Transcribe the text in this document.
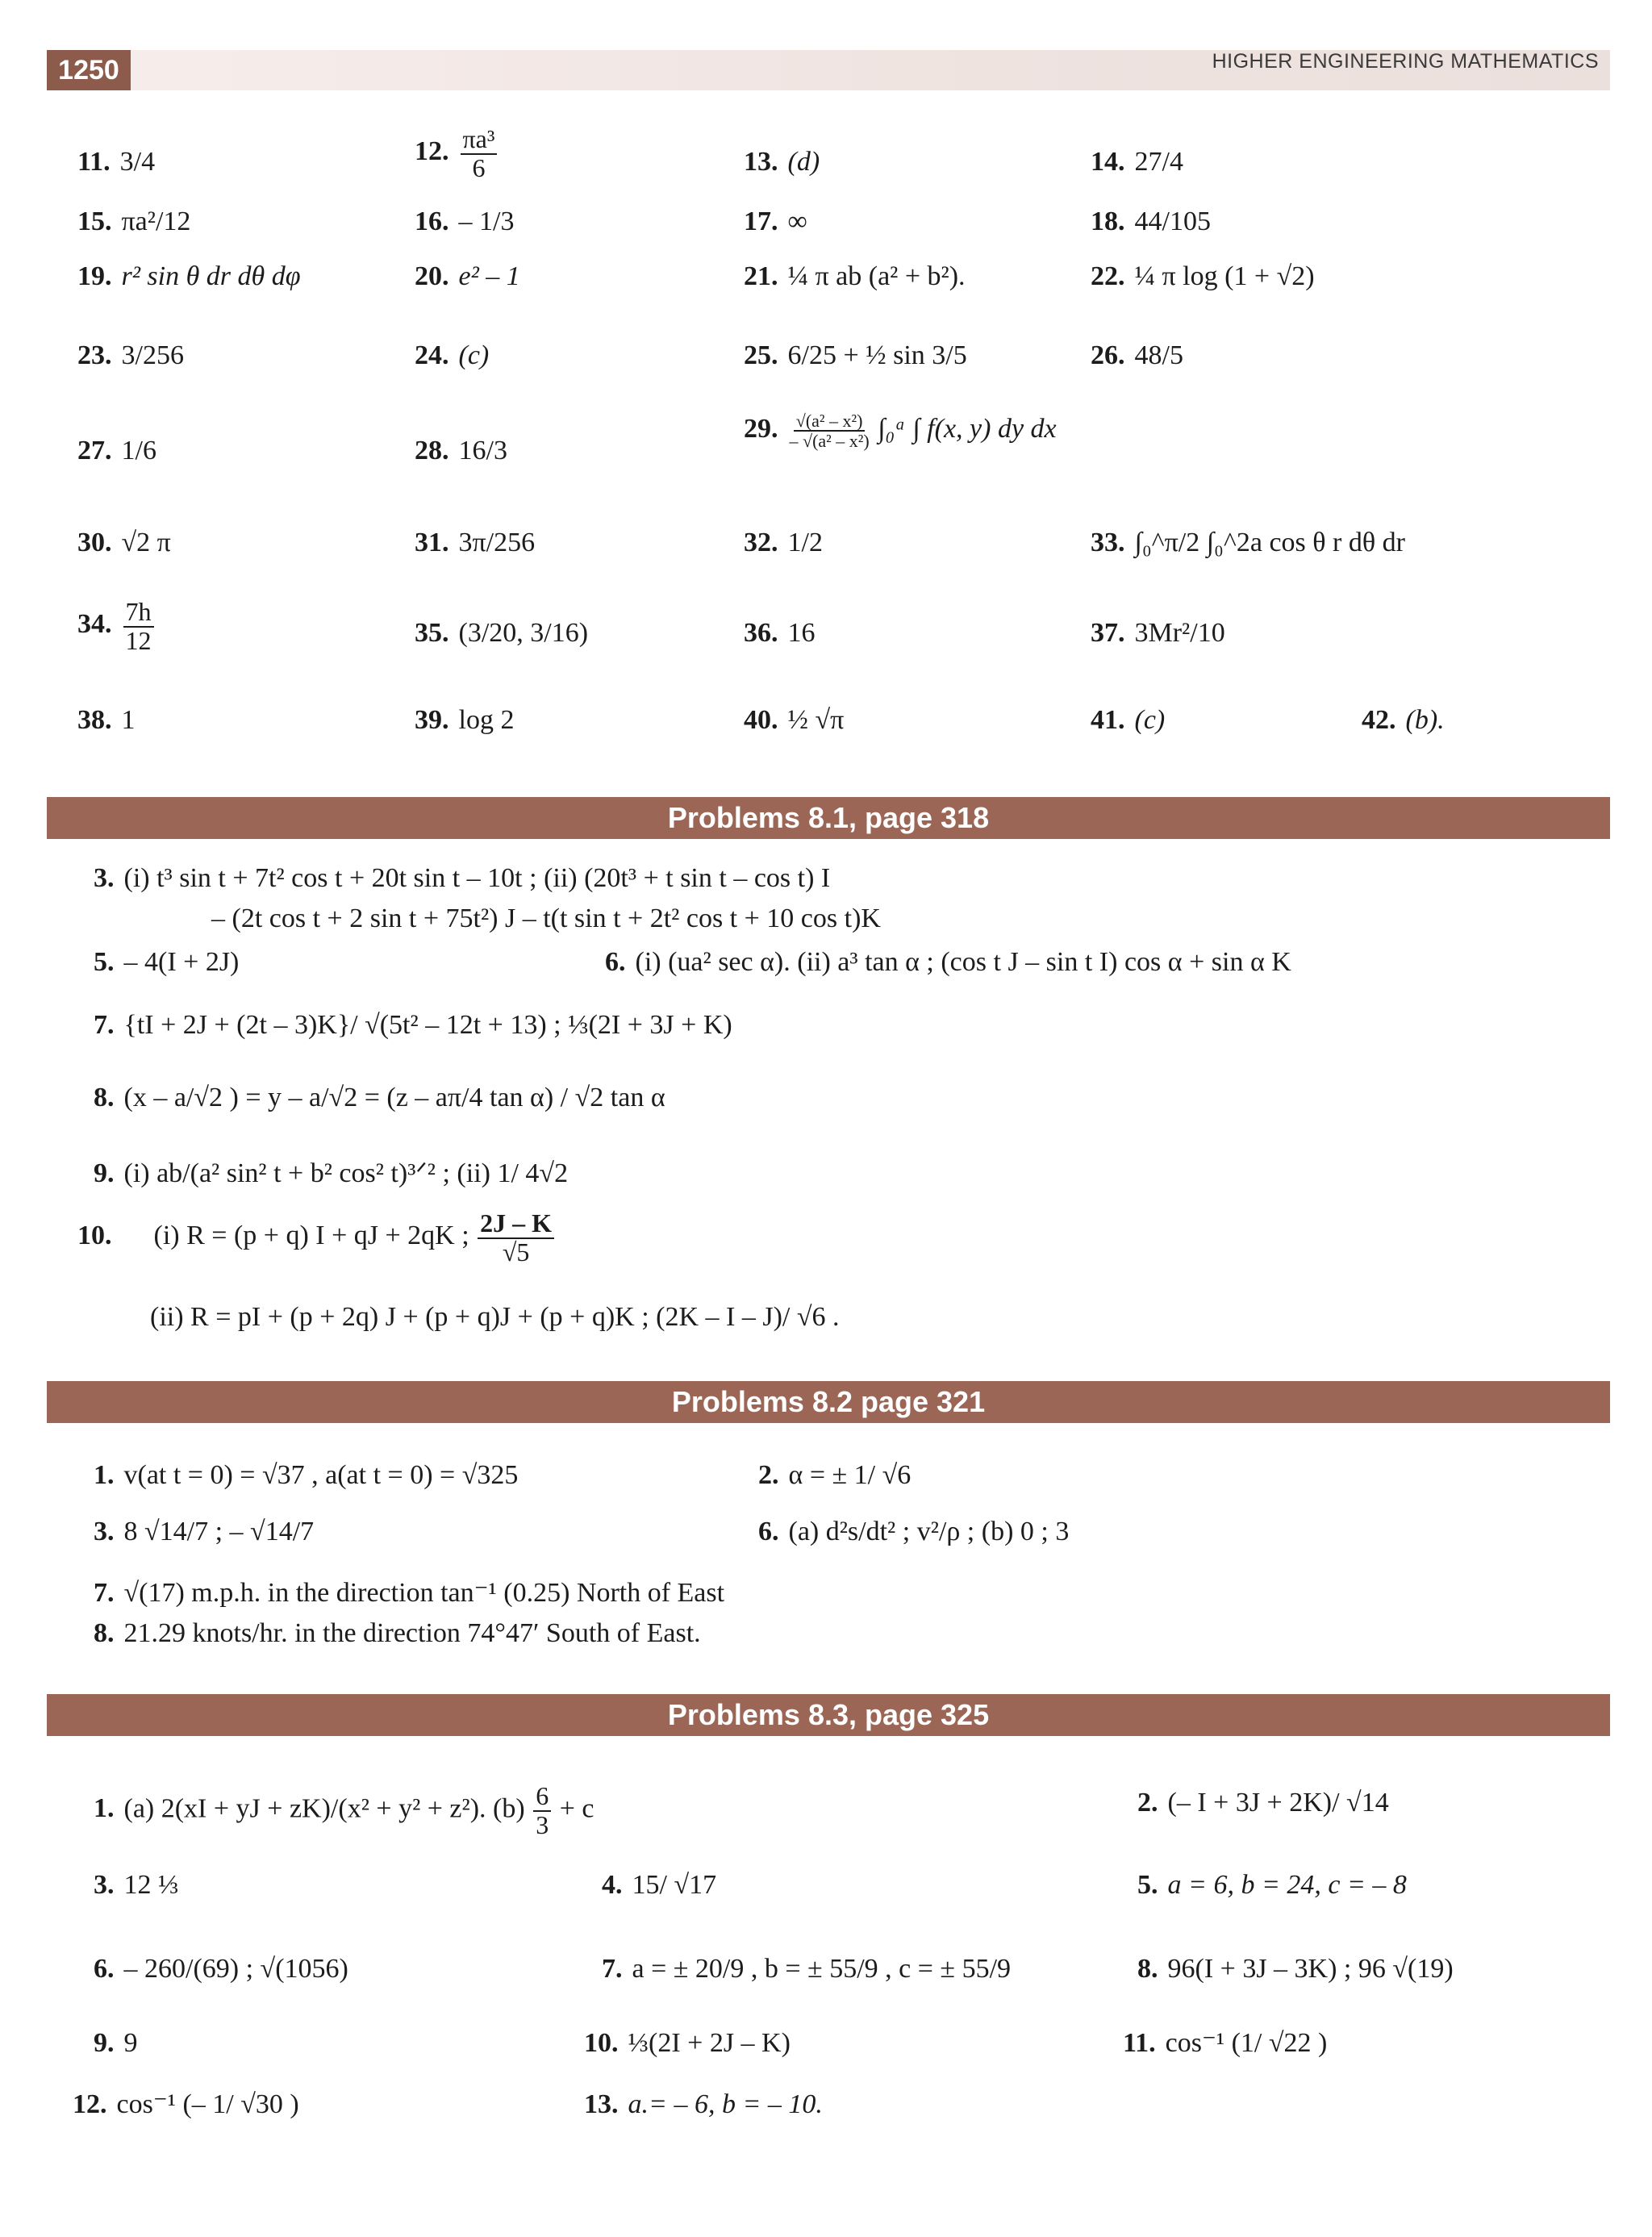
1250	HIGHER ENGINEERING MATHEMATICS
11. 3/4	12. $\frac{\text{πa³}}{6}$	13. (d)	14. 27/4
15. πa²/12	16. – 1/3	17. ∞	18. 44/105
19. r² sin θ dr dθ dφ	20. e² – 1	21. ¼ π ab (a² + b²).	22. ¼ π log (1 + √2)
23. 3/256	24. (c)	25. 6/25 + ½ sin 3/5	26. 48/5
27. 1/6	28. 16/3
29. $\frac{\text{√(a² – x²)}}{\text{– √(a² – x²)}}$ ∫₀ᵃ ∫ f(x, y) dy dx
30. √2 π	31. 3π/256	32. 1/2	33. ∫₀^π/2 ∫₀^2a cos θ r dθ dr
34. $\frac{7h}{12}$	35. (3/20, 3/16)	36. 16	37. 3Mr²/10
38. 1	39. log 2	40. ½ √π	41. (c)	42. (b).
Problems 8.1, page 318
3. (i) t³ sin t + 7t² cos t + 20t sin t – 10t ; (ii) (20t³ + t sin t – cos t) I
– (2t cos t + 2 sin t + 75t²) J – t(t sin t + 2t² cos t + 10 cos t)K
5. – 4(I + 2J)	6. (i) (ua² sec α). (ii) a³ tan α ; (cos t J – sin t I) cos α + sin α K
7. {tI + 2J + (2t – 3)K}/ √(5t² – 12t + 13) ; ⅓(2I + 3J + K)
8. (x – a/√2 ) = y – a/√2 = (z – aπ/4 tan α) / √2 tan α
9. (i) ab/(a² sin² t + b² cos² t)³ᐟ² ; (ii) 1/ 4√2
10. (i) R = (p + q) I + qJ + 2qK ; $\frac{2J - K}{√5}$
(ii) R = pI + (p + 2q) J + (p + q)J + (p + q)K ; (2K – I – J)/ √6 .
Problems 8.2 page 321
1. v(at t = 0) = √37 , a(at t = 0) = √325	2. α = ± 1/ √6
3. 8 √14/7 ; – √14/7	6. (a) d²s/dt² ; v²/ρ ; (b) 0 ; 3
7. √(17) m.p.h. in the direction tan⁻¹ (0.25) North of East
8. 21.29 knots/hr. in the direction 74°47′ South of East.
Problems 8.3, page 325
1. (a) 2(xI + yJ + zK)/(x² + y² + z²). $(b) \frac{6}{3} + c$	2. (– I + 3J + 2K)/ √14
3. 12 ⅓	4. 15/ √17	5. a = 6, b = 24, c = – 8
6. – 260/(69) ; √(1056)	7. a = ± 20/9 , b = ± 55/9 , c = ± 55/9	8. 96(I + 3J – 3K) ; 96 √(19)
9. 9	10. ⅓(2I + 2J – K)	11. cos⁻¹ (1/ √22 )
12. cos⁻¹ (– 1/ √30 )	13. a.= – 6, b = – 10.
